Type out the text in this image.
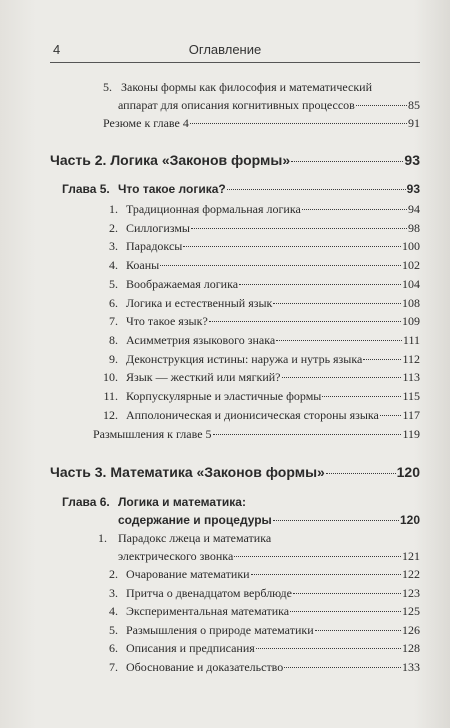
4	Оглавление
5. Законы формы как философия и математический
аппарат для описания когнитивных процессов	85
Резюме к главе 4	91
Часть 2. Логика «Законов формы»	93
Глава 5. Что такое логика?	93
1. Традиционная формальная логика	94
2. Силлогизмы	98
3. Парадоксы	100
4. Коаны	102
5. Воображаемая логика	104
6. Логика и естественный язык	108
7. Что такое язык?	109
8. Асимметрия языкового знака	111
9. Деконструкция истины: наружа и нутрь языка	112
10. Язык — жесткий или мягкий?	113
11. Корпускулярные и эластичные формы	115
12. Апполоническая и дионисическая стороны языка 117
Размышления к главе 5	119
Часть 3. Математика «Законов формы»	120
Глава 6. Логика и математика:
содержание и процедуры	120
1. Парадокс лжеца и математика
электрического звонка	121
2. Очарование математики	122
3. Притча о двенадцатом верблюде	123
4. Экспериментальная математика	125
5. Размышления о природе математики	126
6. Описания и предписания	128
7. Обоснование и доказательство	133
